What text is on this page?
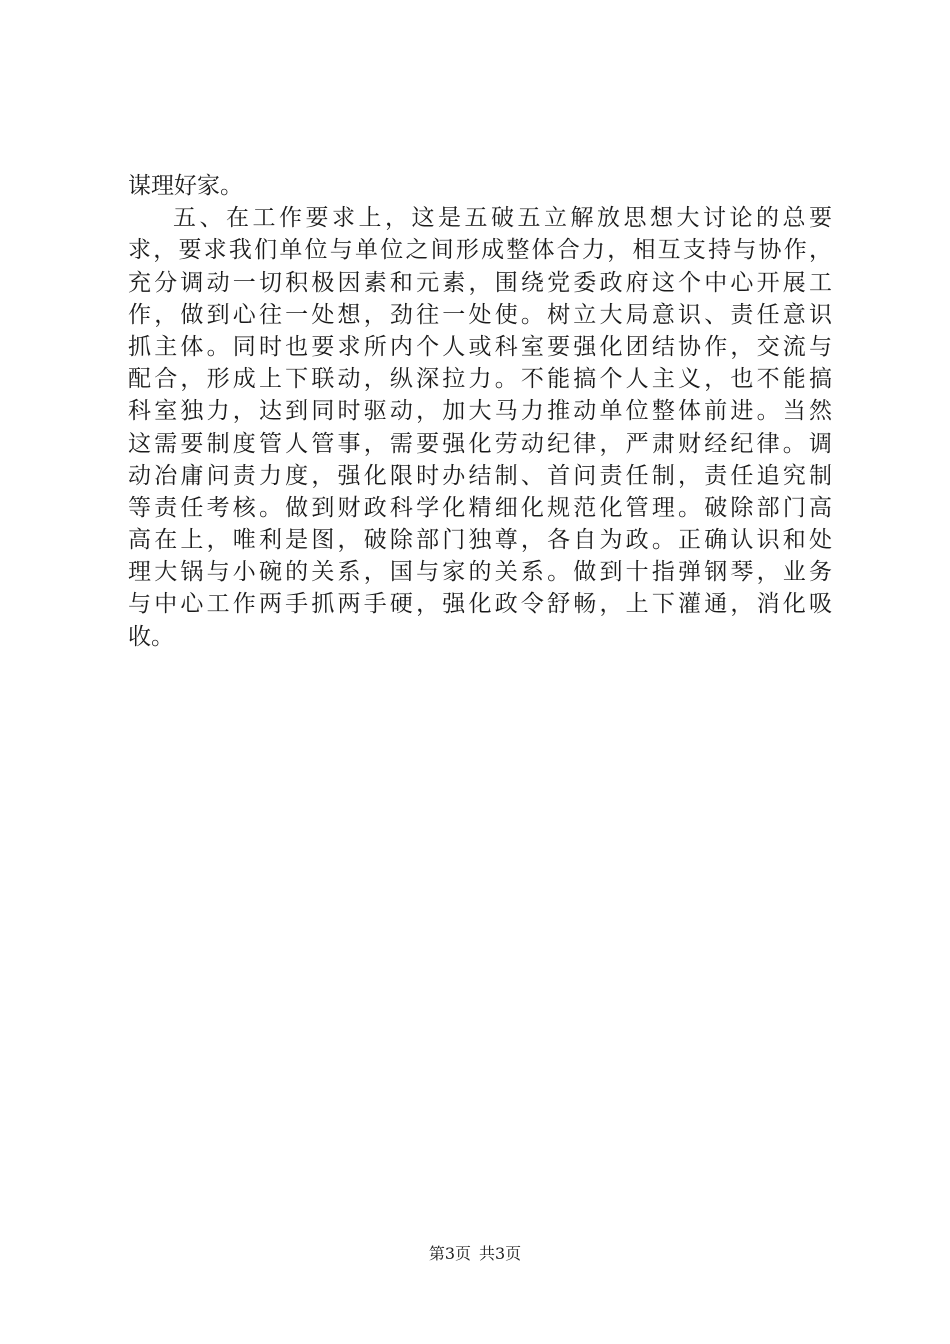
谋理好家。
五、在工作要求上，这是五破五立解放思想大讨论的总要
求，要求我们单位与单位之间形成整体合力，相互支持与协作，
充分调动一切积极因素和元素，围绕党委政府这个中心开展工
作，做到心往一处想，劲往一处使。树立大局意识、责任意识
抓主体。同时也要求所内个人或科室要强化团结协作，交流与
配合，形成上下联动，纵深拉力。不能搞个人主义，也不能搞
科室独力，达到同时驱动，加大马力推动单位整体前进。当然
这需要制度管人管事，需要强化劳动纪律，严肃财经纪律。调
动冶庸问责力度，强化限时办结制、首问责任制，责任追究制
等责任考核。做到财政科学化精细化规范化管理。破除部门高
高在上，唯利是图，破除部门独尊，各自为政。正确认识和处
理大锅与小碗的关系，国与家的关系。做到十指弹钢琴，业务
与中心工作两手抓两手硬，强化政令舒畅，上下灌通，消化吸
收。
第3页 共3页
